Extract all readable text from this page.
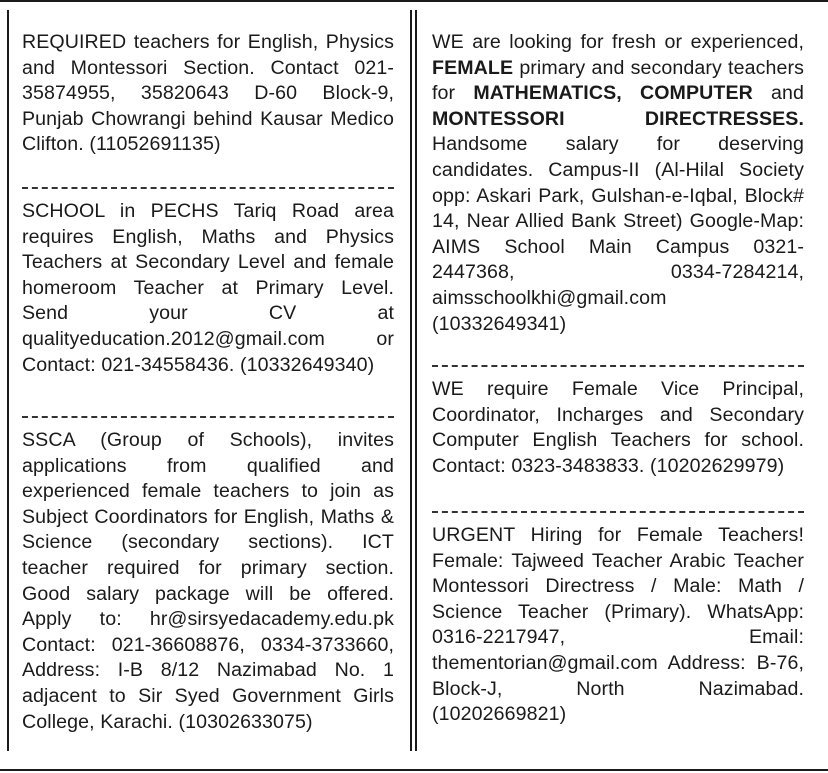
REQUIRED teachers for English, Physics and Montessori Section. Contact 021-35874955, 35820643 D-60 Block-9, Punjab Chowrangi behind Kausar Medico Clifton. (11052691135)

SCHOOL in PECHS Tariq Road area requires English, Maths and Physics Teachers at Secondary Level and female homeroom Teacher at Primary Level. Send your CV at qualityeducation.2012@gmail.com or Contact: 021-34558436. (10332649340)

SSCA (Group of Schools), invites applications from qualified and experienced female teachers to join as Subject Coordinators for English, Maths & Science (secondary sections). ICT teacher required for primary section. Good salary package will be offered. Apply to: hr@sirsyedacademy.edu.pk Contact: 021-36608876, 0334-3733660, Address: I-B 8/12 Nazimabad No. 1 adjacent to Sir Syed Government Girls College, Karachi. (10302633075)

WE are looking for fresh or experienced, FEMALE primary and secondary teachers for MATHEMATICS, COMPUTER and MONTESSORI DIRECTRESSES. Handsome salary for deserving candidates. Campus-II (Al-Hilal Society opp: Askari Park, Gulshan-e-Iqbal, Block# 14, Near Allied Bank Street) Google-Map: AIMS School Main Campus 0321-2447368, 0334-7284214, aimsschoolkhi@gmail.com (10332649341)

WE require Female Vice Principal, Coordinator, Incharges and Secondary Computer English Teachers for school. Contact: 0323-3483833. (10202629979)

URGENT Hiring for Female Teachers! Female: Tajweed Teacher Arabic Teacher Montessori Directress / Male: Math / Science Teacher (Primary). WhatsApp: 0316-2217947, Email: thementorian@gmail.com Address: B-76, Block-J, North Nazimabad. (10202669821)
